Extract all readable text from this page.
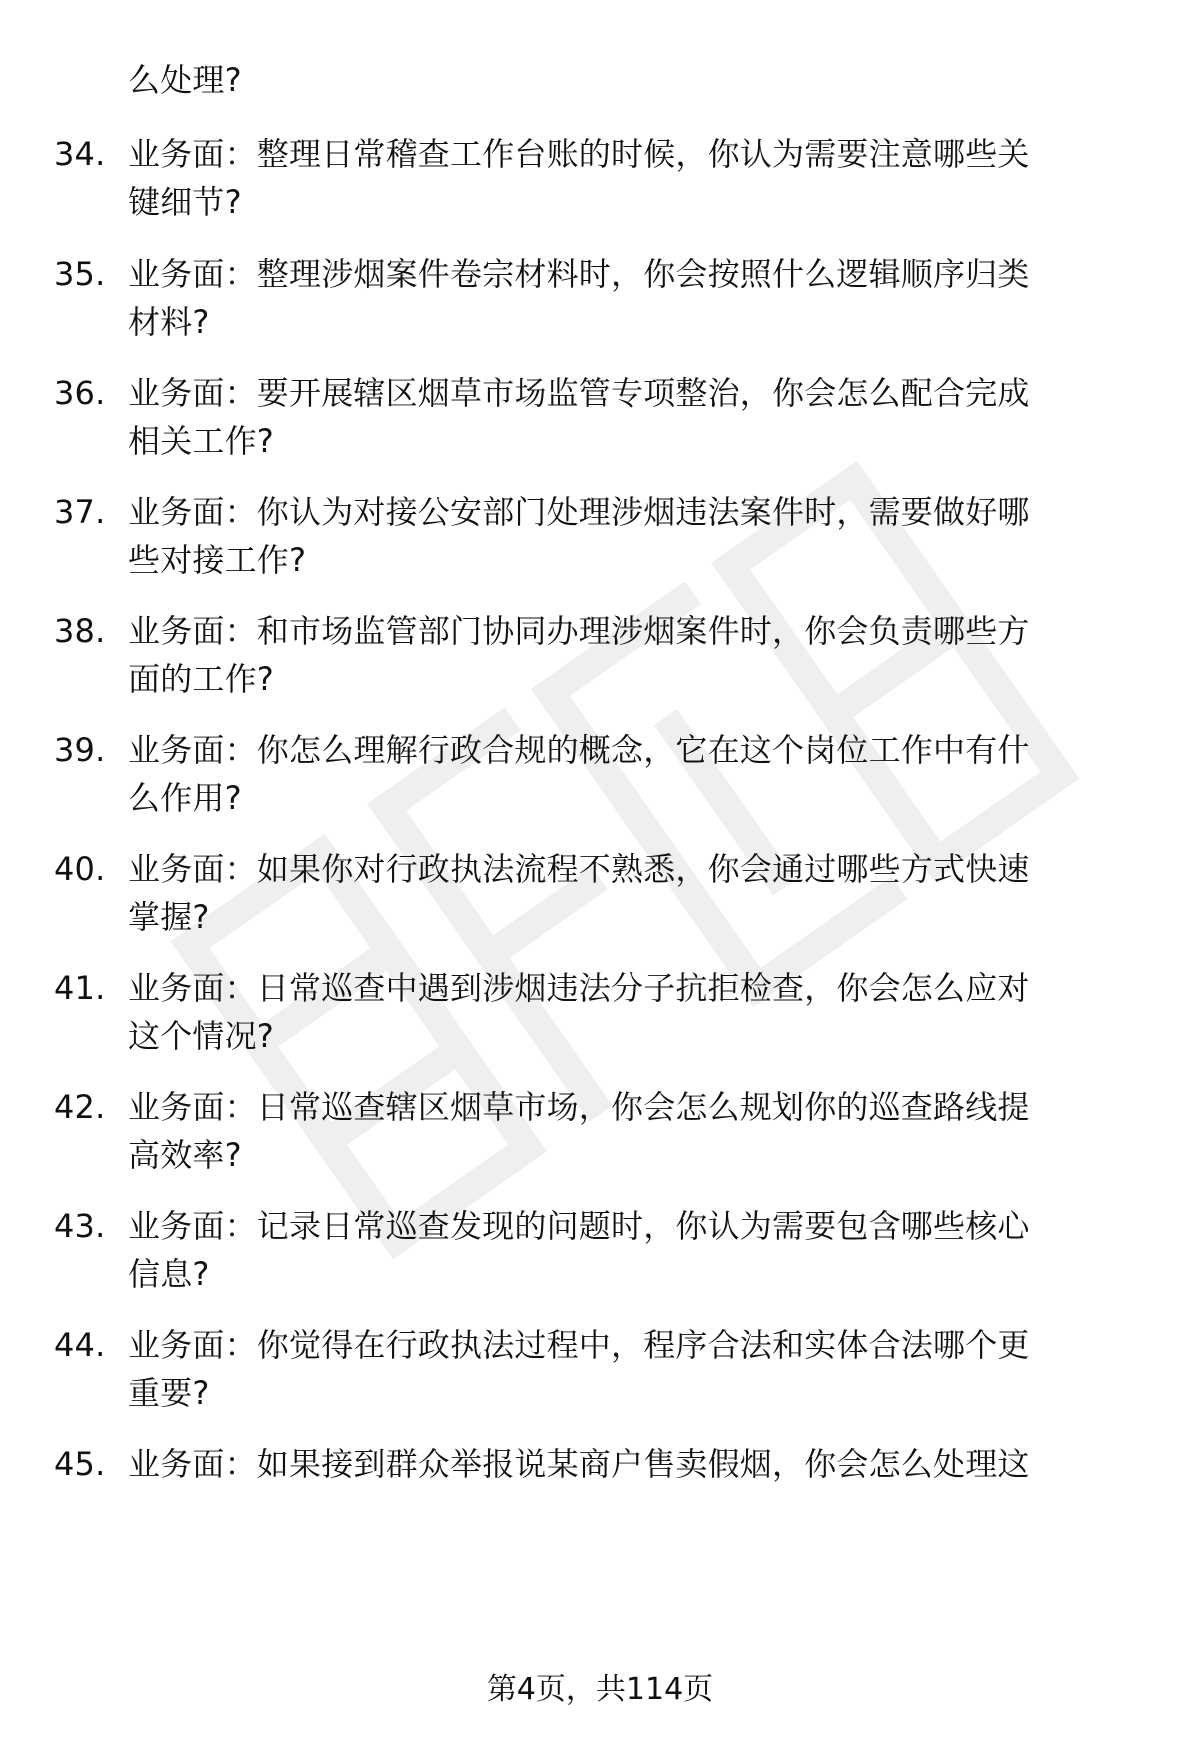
么处理?
34. 业务面：整理日常稽查工作台账的时候，你认为需要注意哪些关
键细节?
35. 业务面：整理涉烟案件卷宗材料时，你会按照什么逻辑顺序归类
材料?
36. 业务面：要开展辖区烟草市场监管专项整治，你会怎么配合完成
相关工作?
37. 业务面：你认为对接公安部门处理涉烟违法案件时，需要做好哪
些对接工作?
38. 业务面：和市场监管部门协同办理涉烟案件时，你会负责哪些方
面的工作?
39. 业务面：你怎么理解行政合规的概念，它在这个岗位工作中有什
么作用?
40. 业务面：如果你对行政执法流程不熟悉，你会通过哪些方式快速
掌握?
41. 业务面：日常巡查中遇到涉烟违法分子抗拒检查，你会怎么应对
这个情况?
42. 业务面：日常巡查辖区烟草市场，你会怎么规划你的巡查路线提
高效率?
43. 业务面：记录日常巡查发现的问题时，你认为需要包含哪些核心
信息?
44. 业务面：你觉得在行政执法过程中，程序合法和实体合法哪个更
重要?
45. 业务面：如果接到群众举报说某商户售卖假烟，你会怎么处理这
第4页，共114页
